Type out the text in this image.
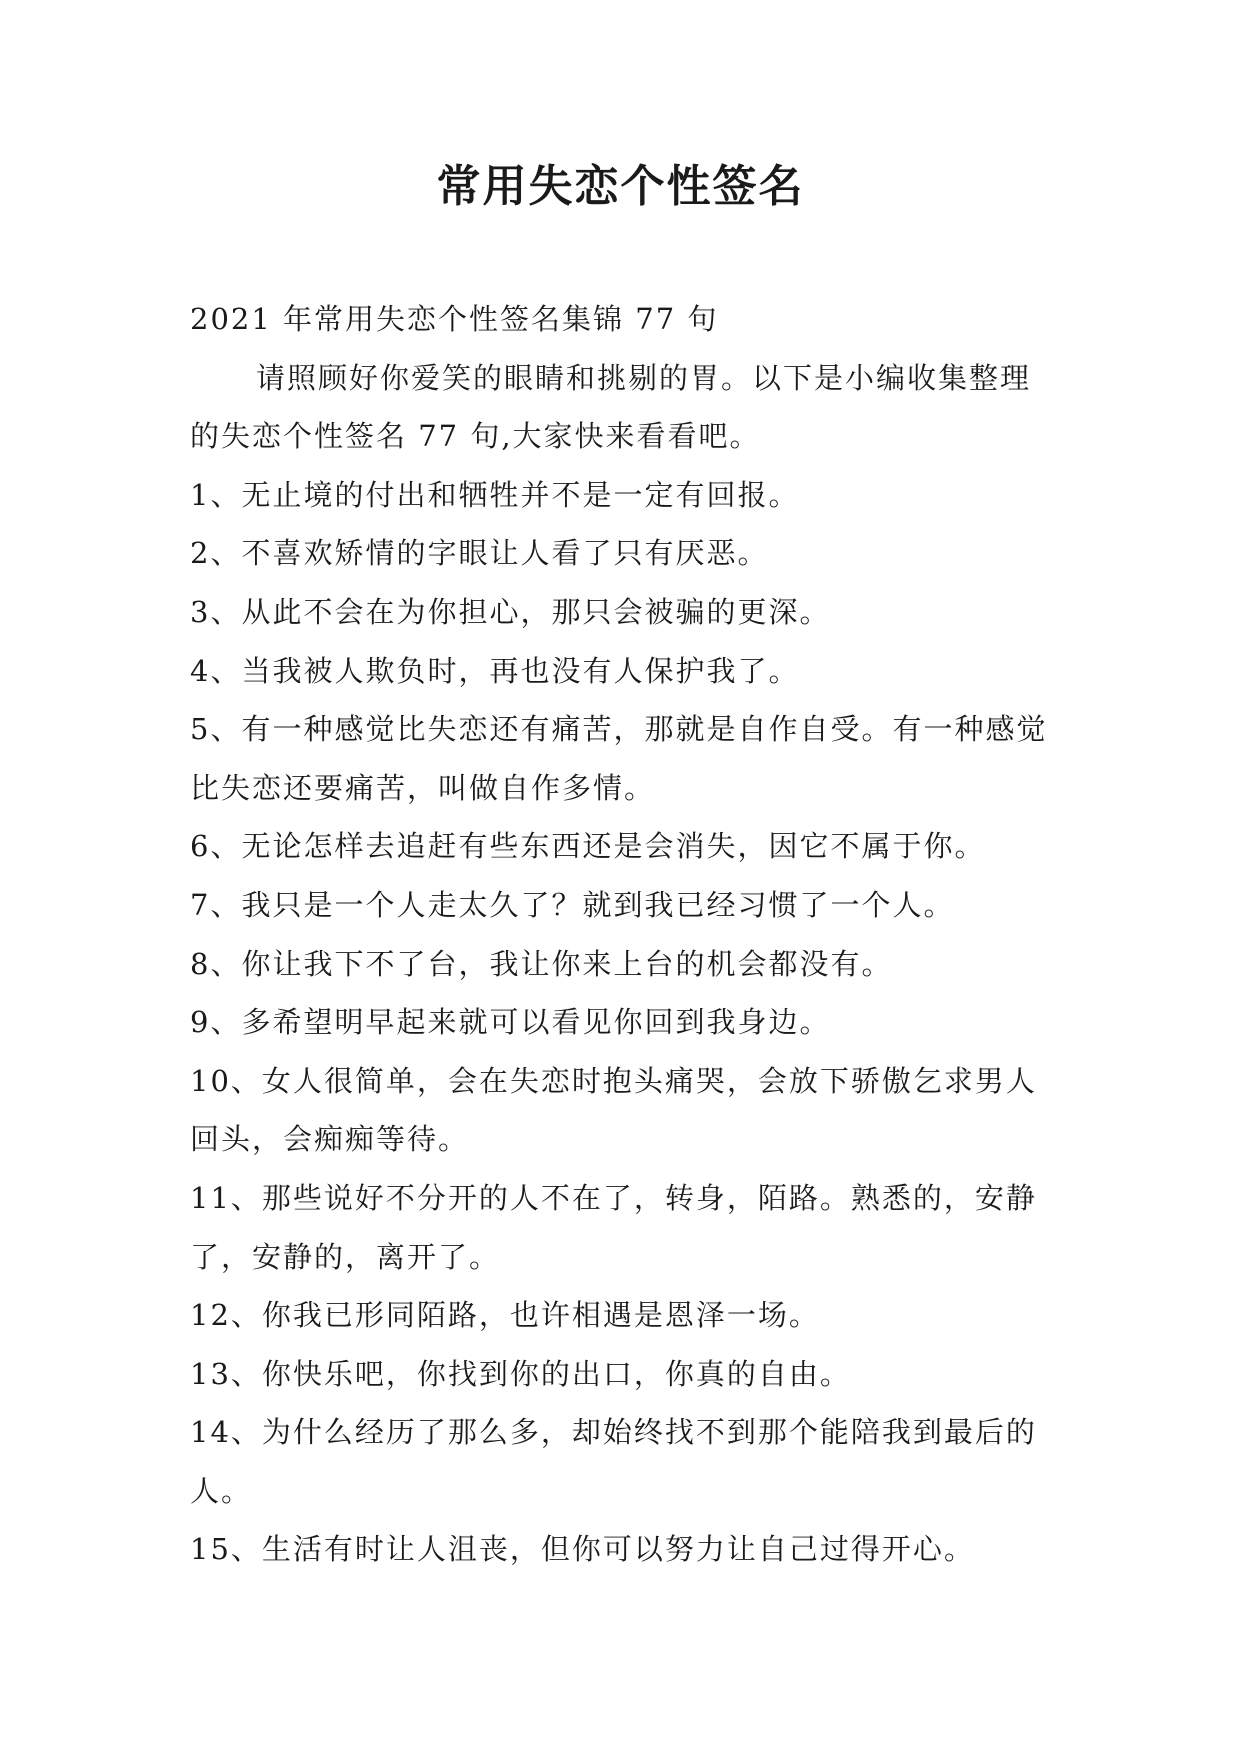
常用失恋个性签名

2021 年常用失恋个性签名集锦 77 句

请照顾好你爱笑的眼睛和挑剔的胃。以下是小编收集整理的失恋个性签名 77 句,大家快来看看吧。

1、无止境的付出和牺牲并不是一定有回报。

2、不喜欢矫情的字眼让人看了只有厌恶。

3、从此不会在为你担心，那只会被骗的更深。

4、当我被人欺负时，再也没有人保护我了。

5、有一种感觉比失恋还有痛苦，那就是自作自受。有一种感觉比失恋还要痛苦，叫做自作多情。

6、无论怎样去追赶有些东西还是会消失，因它不属于你。

7、我只是一个人走太久了？就到我已经习惯了一个人。

8、你让我下不了台，我让你来上台的机会都没有。

9、多希望明早起来就可以看见你回到我身边。

10、女人很简单，会在失恋时抱头痛哭，会放下骄傲乞求男人回头，会痴痴等待。

11、那些说好不分开的人不在了，转身，陌路。熟悉的，安静了，安静的，离开了。

12、你我已形同陌路，也许相遇是恩泽一场。

13、你快乐吧，你找到你的出口，你真的自由。

14、为什么经历了那么多，却始终找不到那个能陪我到最后的人。

15、生活有时让人沮丧，但你可以努力让自己过得开心。
